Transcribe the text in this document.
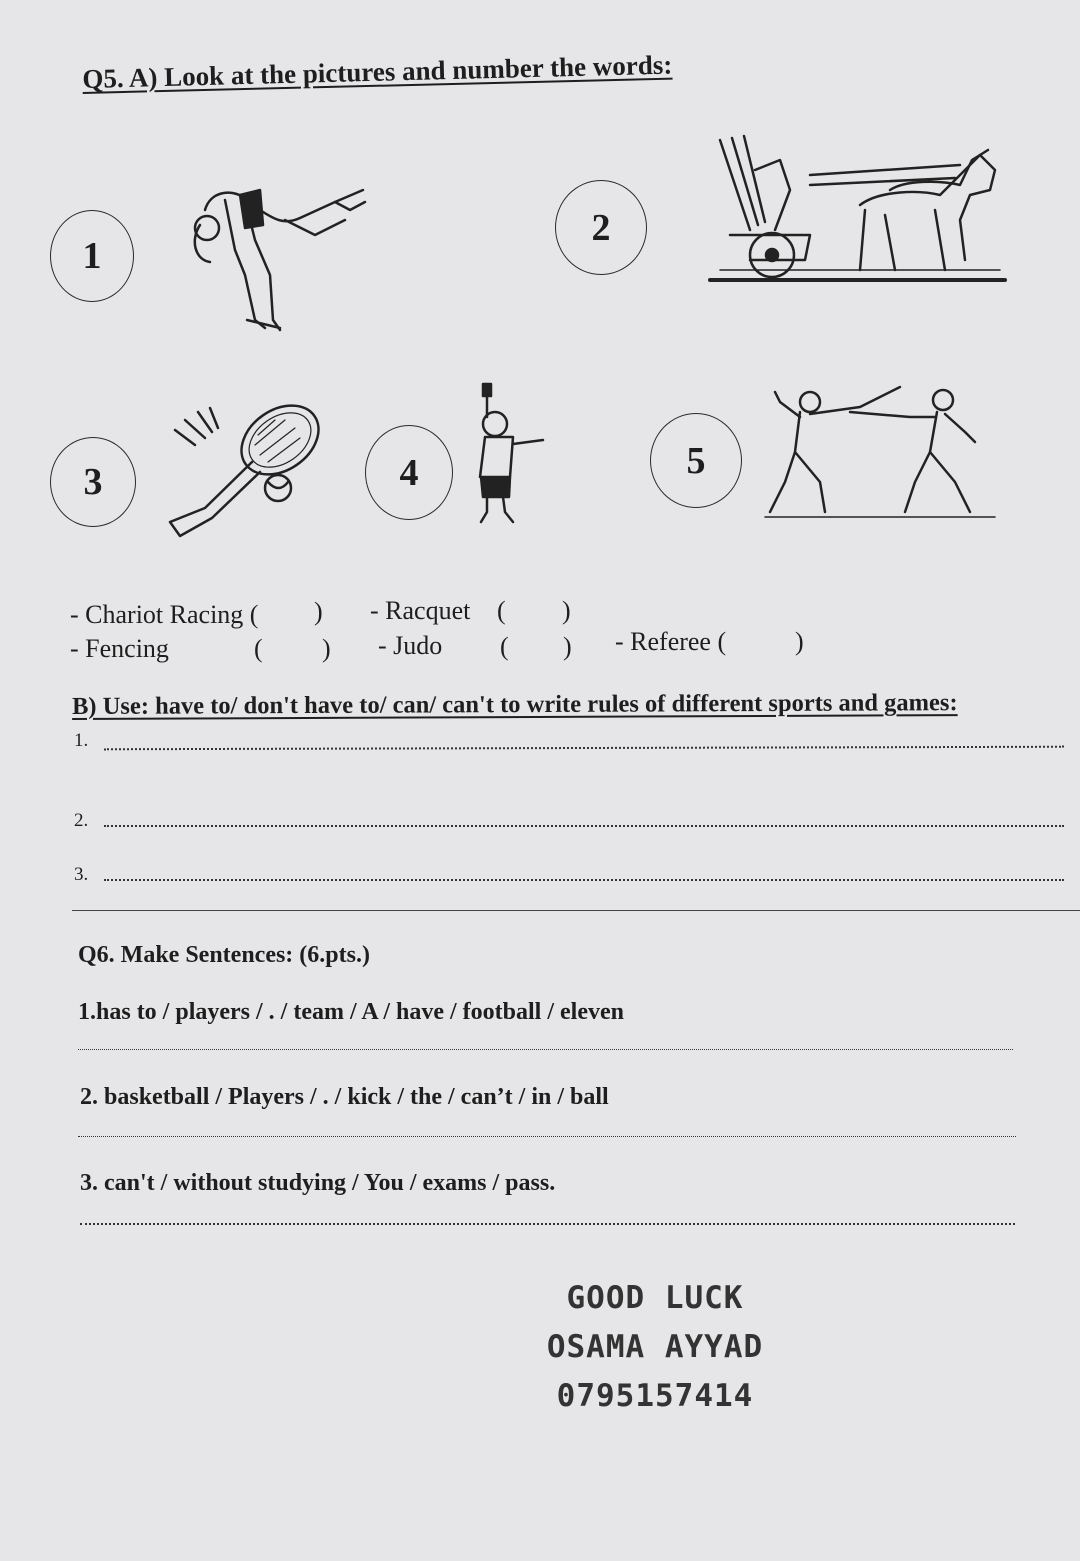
Q5. A) Look at the pictures and number the words:
1
2
3	4	5
- Chariot Racing ( ) - Racquet ( )
- Fencing	( ) - Judo ( ) - Referee (	)
B) Use: have to/ don't have to/ can/ can't to write rules of different sports and games:
1.
2.
3.
Q6. Make Sentences: (6.pts.)
1.has to / players / . / team / A / have / football / eleven
2. basketball / Players / . / kick / the / can’t / in / ball
3. can't / without studying / You / exams / pass.
GOOD LUCK
OSAMA AYYAD
0795157414
